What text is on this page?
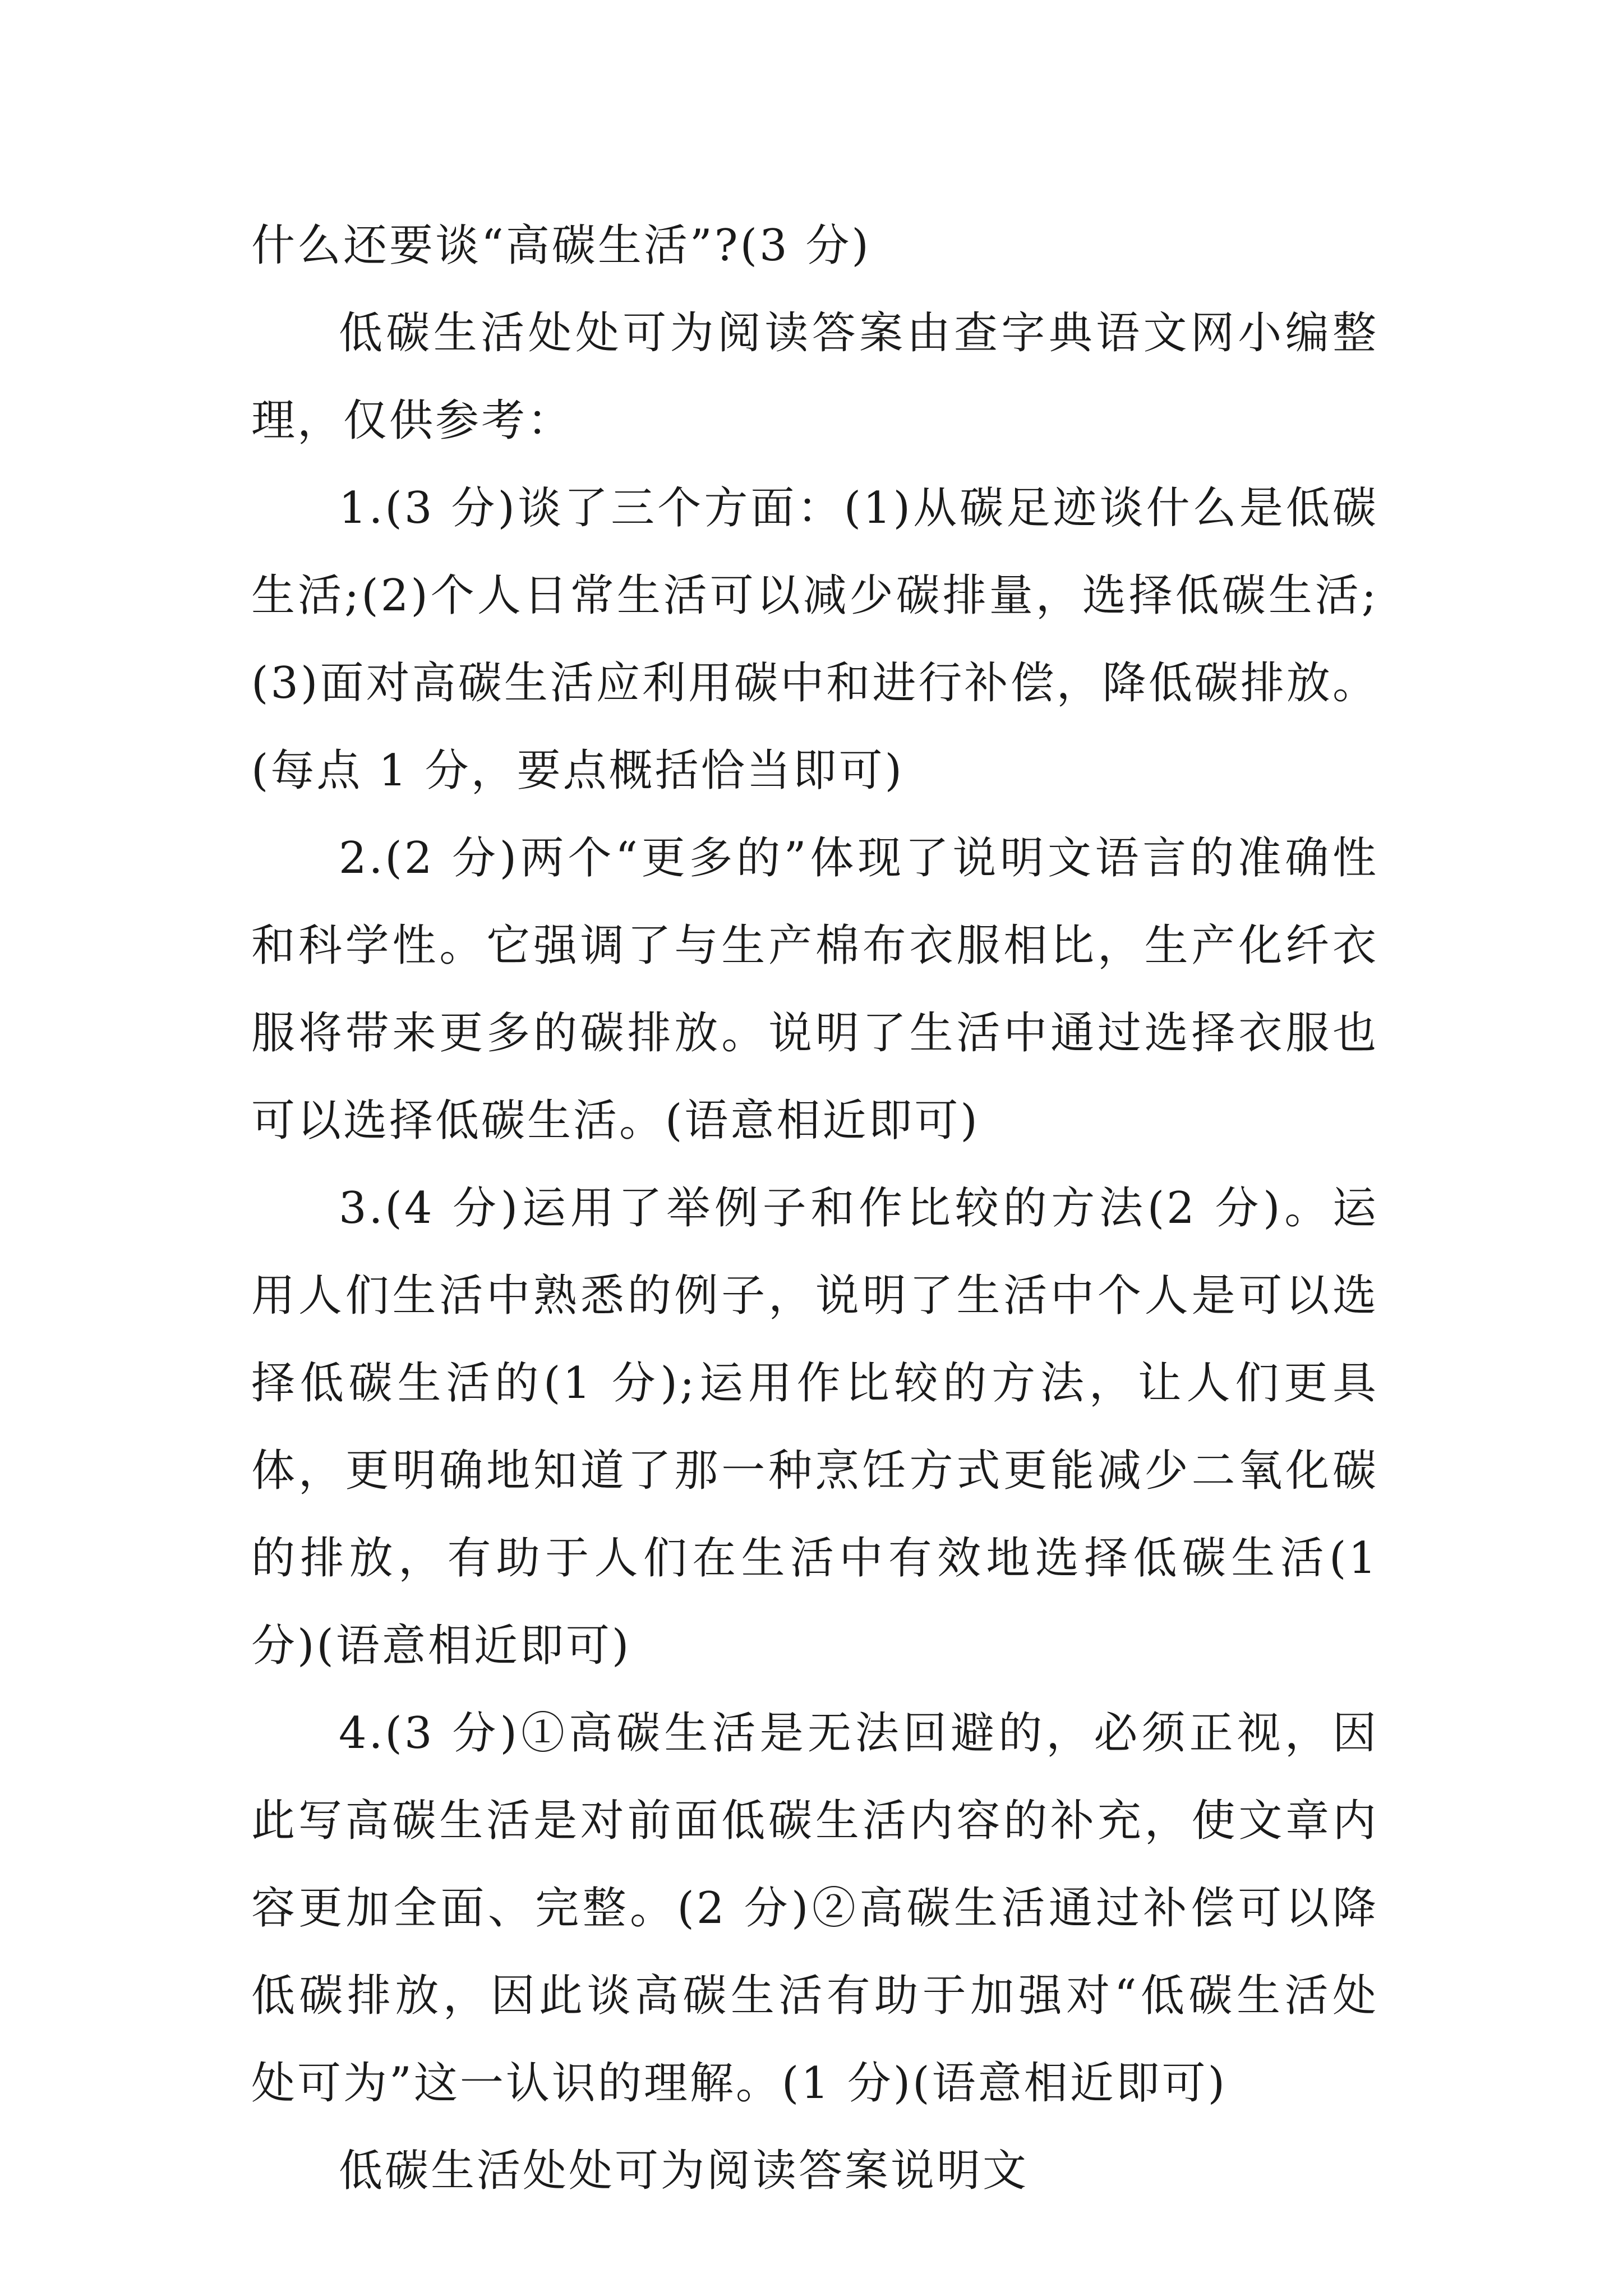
什么还要谈“高碳生活”?(3 分)

低碳生活处处可为阅读答案由查字典语文网小编整理，仅供参考：

1.(3 分)谈了三个方面：(1)从碳足迹谈什么是低碳生活;(2)个人日常生活可以减少碳排量，选择低碳生活;(3)面对高碳生活应利用碳中和进行补偿，降低碳排放。(每点 1 分，要点概括恰当即可)

2.(2 分)两个“更多的”体现了说明文语言的准确性和科学性。它强调了与生产棉布衣服相比，生产化纤衣服将带来更多的碳排放。说明了生活中通过选择衣服也可以选择低碳生活。(语意相近即可)

3.(4 分)运用了举例子和作比较的方法(2 分)。运用人们生活中熟悉的例子，说明了生活中个人是可以选择低碳生活的(1 分);运用作比较的方法，让人们更具体，更明确地知道了那一种烹饪方式更能减少二氧化碳的排放，有助于人们在生活中有效地选择低碳生活(1 分)(语意相近即可)

4.(3 分)①高碳生活是无法回避的，必须正视，因此写高碳生活是对前面低碳生活内容的补充，使文章内容更加全面、完整。(2 分)②高碳生活通过补偿可以降低碳排放，因此谈高碳生活有助于加强对“低碳生活处处可为”这一认识的理解。(1 分)(语意相近即可)

低碳生活处处可为阅读答案说明文
